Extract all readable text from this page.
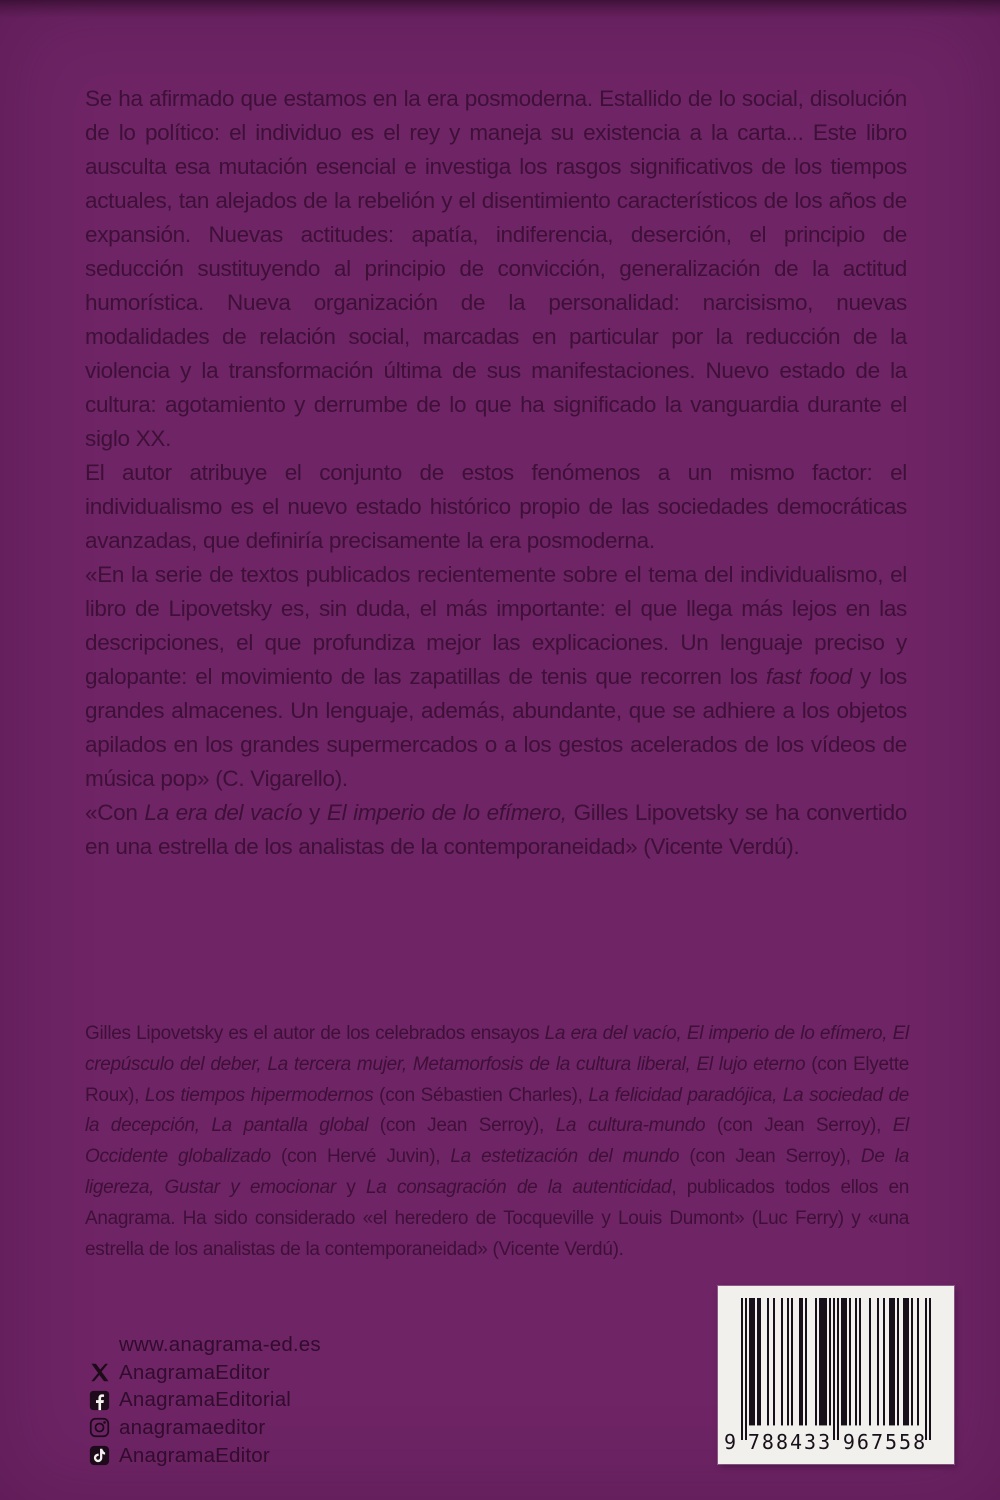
Se ha afirmado que estamos en la era posmoderna. Estallido de lo social, disolución de lo político: el individuo es el rey y maneja su existencia a la carta... Este libro ausculta esa mutación esencial e investiga los rasgos significativos de los tiempos actuales, tan alejados de la rebelión y el disentimiento característicos de los años de expansión. Nuevas actitudes: apatía, indiferencia, deserción, el principio de seducción sustituyendo al principio de convicción, generalización de la actitud humorística. Nueva organización de la personalidad: narcisismo, nuevas modalidades de relación social, marcadas en particular por la reducción de la violencia y la transformación última de sus manifestaciones. Nuevo estado de la cultura: agotamiento y derrumbe de lo que ha significado la vanguardia durante el siglo XX.

El autor atribuye el conjunto de estos fenómenos a un mismo factor: el individualismo es el nuevo estado histórico propio de las sociedades democráticas avanzadas, que definiría precisamente la era posmoderna.

«En la serie de textos publicados recientemente sobre el tema del individualismo, el libro de Lipovetsky es, sin duda, el más importante: el que llega más lejos en las descripciones, el que profundiza mejor las explicaciones. Un lenguaje preciso y galopante: el movimiento de las zapatillas de tenis que recorren los fast food y los grandes almacenes. Un lenguaje, además, abundante, que se adhiere a los objetos apilados en los grandes supermercados o a los gestos acelerados de los vídeos de música pop» (C. Vigarello).

«Con La era del vacío y El imperio de lo efímero, Gilles Lipovetsky se ha convertido en una estrella de los analistas de la contemporaneidad» (Vicente Verdú).

Gilles Lipovetsky es el autor de los celebrados ensayos La era del vacío, El imperio de lo efímero, El crepúsculo del deber, La tercera mujer, Metamorfosis de la cultura liberal, El lujo eterno (con Elyette Roux), Los tiempos hipermodernos (con Sébastien Charles), La felicidad paradójica, La sociedad de la decepción, La pantalla global (con Jean Serroy), La cultura-mundo (con Jean Serroy), El Occidente globalizado (con Hervé Juvin), La estetización del mundo (con Jean Serroy), De la ligereza, Gustar y emocionar y La consagración de la autenticidad, publicados todos ellos en Anagrama. Ha sido considerado «el heredero de Tocqueville y Louis Dumont» (Luc Ferry) y «una estrella de los analistas de la contemporaneidad» (Vicente Verdú).

www.anagrama-ed.es
AnagramaEditor
AnagramaEditorial
anagramaeditor
AnagramaEditor
9 788433 967558
